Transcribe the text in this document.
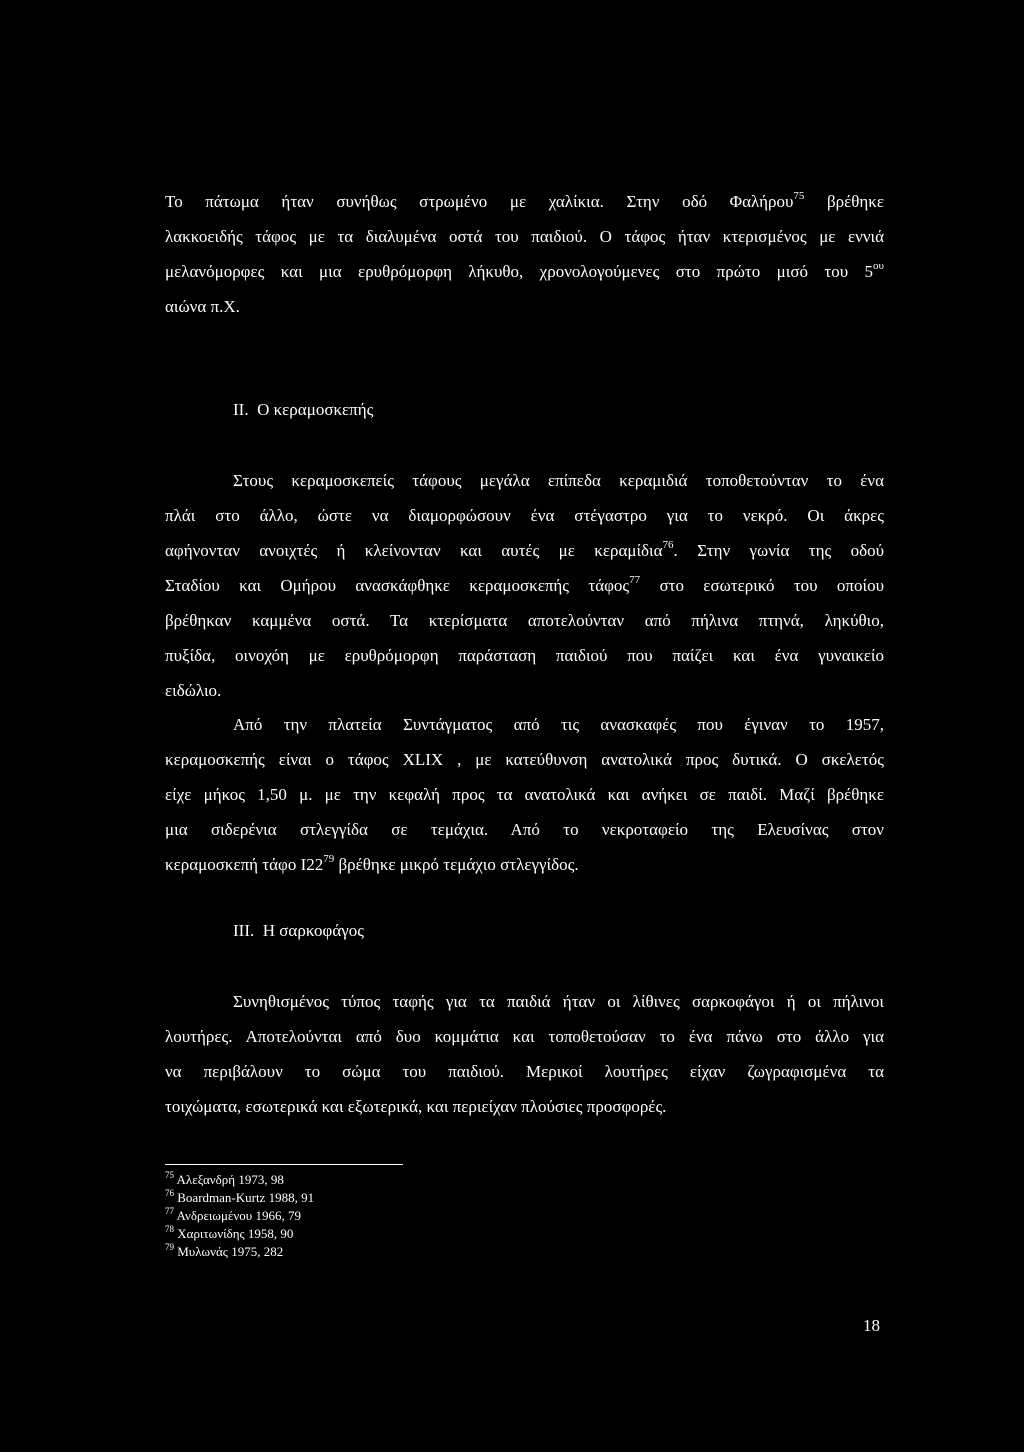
Το πάτωμα ήταν συνήθως στρωμένο με χαλίκια. Στην οδό Φαλήρου$^{75}$ βρέθηκε
λακκοειδής τάφος με τα διαλυμένα οστά του παιδιού. Ο τάφος ήταν κτερισμένος με εννιά
μελανόμορφες και μια ερυθρόμορφη λήκυθο, χρονολογούμενες στο πρώτο μισό του $5^{o\upsilon}$
αιώνα π.Χ.
II. Ο κεραμοσκεπής
Στους κεραμοσκεπείς τάφους μεγάλα επίπεδα κεραμιδιά τοποθετούνταν το ένα
πλάι στο άλλο, ώστε να διαμορφώσουν ένα στέγαστρο για το νεκρό. Οι άκρες
αφήνονταν ανοιχτές ή κλείνονταν και αυτές με κεραμίδια$^{76}$. Στην γωνία της οδού
Σταδίου και Ομήρου ανασκάφθηκε κεραμοσκεπής τάφος$^{77}$ στο εσωτερικό του οποίου
βρέθηκαν καμμένα οστά. Τα κτερίσματα αποτελούνταν από πήλινα πτηνά, ληκύθιο,
πυξίδα, οινοχόη με ερυθρόμορφη παράσταση παιδιού που παίζει και ένα γυναικείο
ειδώλιο.
Από την πλατεία Συντάγματος από τις ανασκαφές που έγιναν το 1957,
κεραμοσκεπής είναι ο τάφος XLIX , με κατεύθυνση ανατολικά προς δυτικά. Ο σκελετός
είχε μήκος 1,50 μ. με την κεφαλή προς τα ανατολικά και ανήκει σε παιδί. Μαζί βρέθηκε
μια σιδερένια στλεγγίδα σε τεμάχια. Από το νεκροταφείο της Ελευσίνας στον
κεραμοσκεπή τάφο $I22^{79}$ βρέθηκε μικρό τεμάχιο στλεγγίδος.
III. Η σαρκοφάγος
Συνηθισμένος τύπος ταφής για τα παιδιά ήταν οι λίθινες σαρκοφάγοι ή οι πήλινοι
λουτήρες. Αποτελούνται από δυο κομμάτια και τοποθετούσαν το ένα πάνω στο άλλο για
να περιβάλουν το σώμα του παιδιού. Μερικοί λουτήρες είχαν ζωγραφισμένα τα
τοιχώματα, εσωτερικά και εξωτερικά, και περιείχαν πλούσιες προσφορές.
$^{75}$ Αλεξανδρή 1973, 98
$^{76}$ Boardman-Kurtz 1988, 91
$^{77}$ Ανδρειωμένου 1966, 79
$^{78}$ Χαριτωνίδης 1958, 90
$^{79}$ Μυλωνάς 1975, 282
18
